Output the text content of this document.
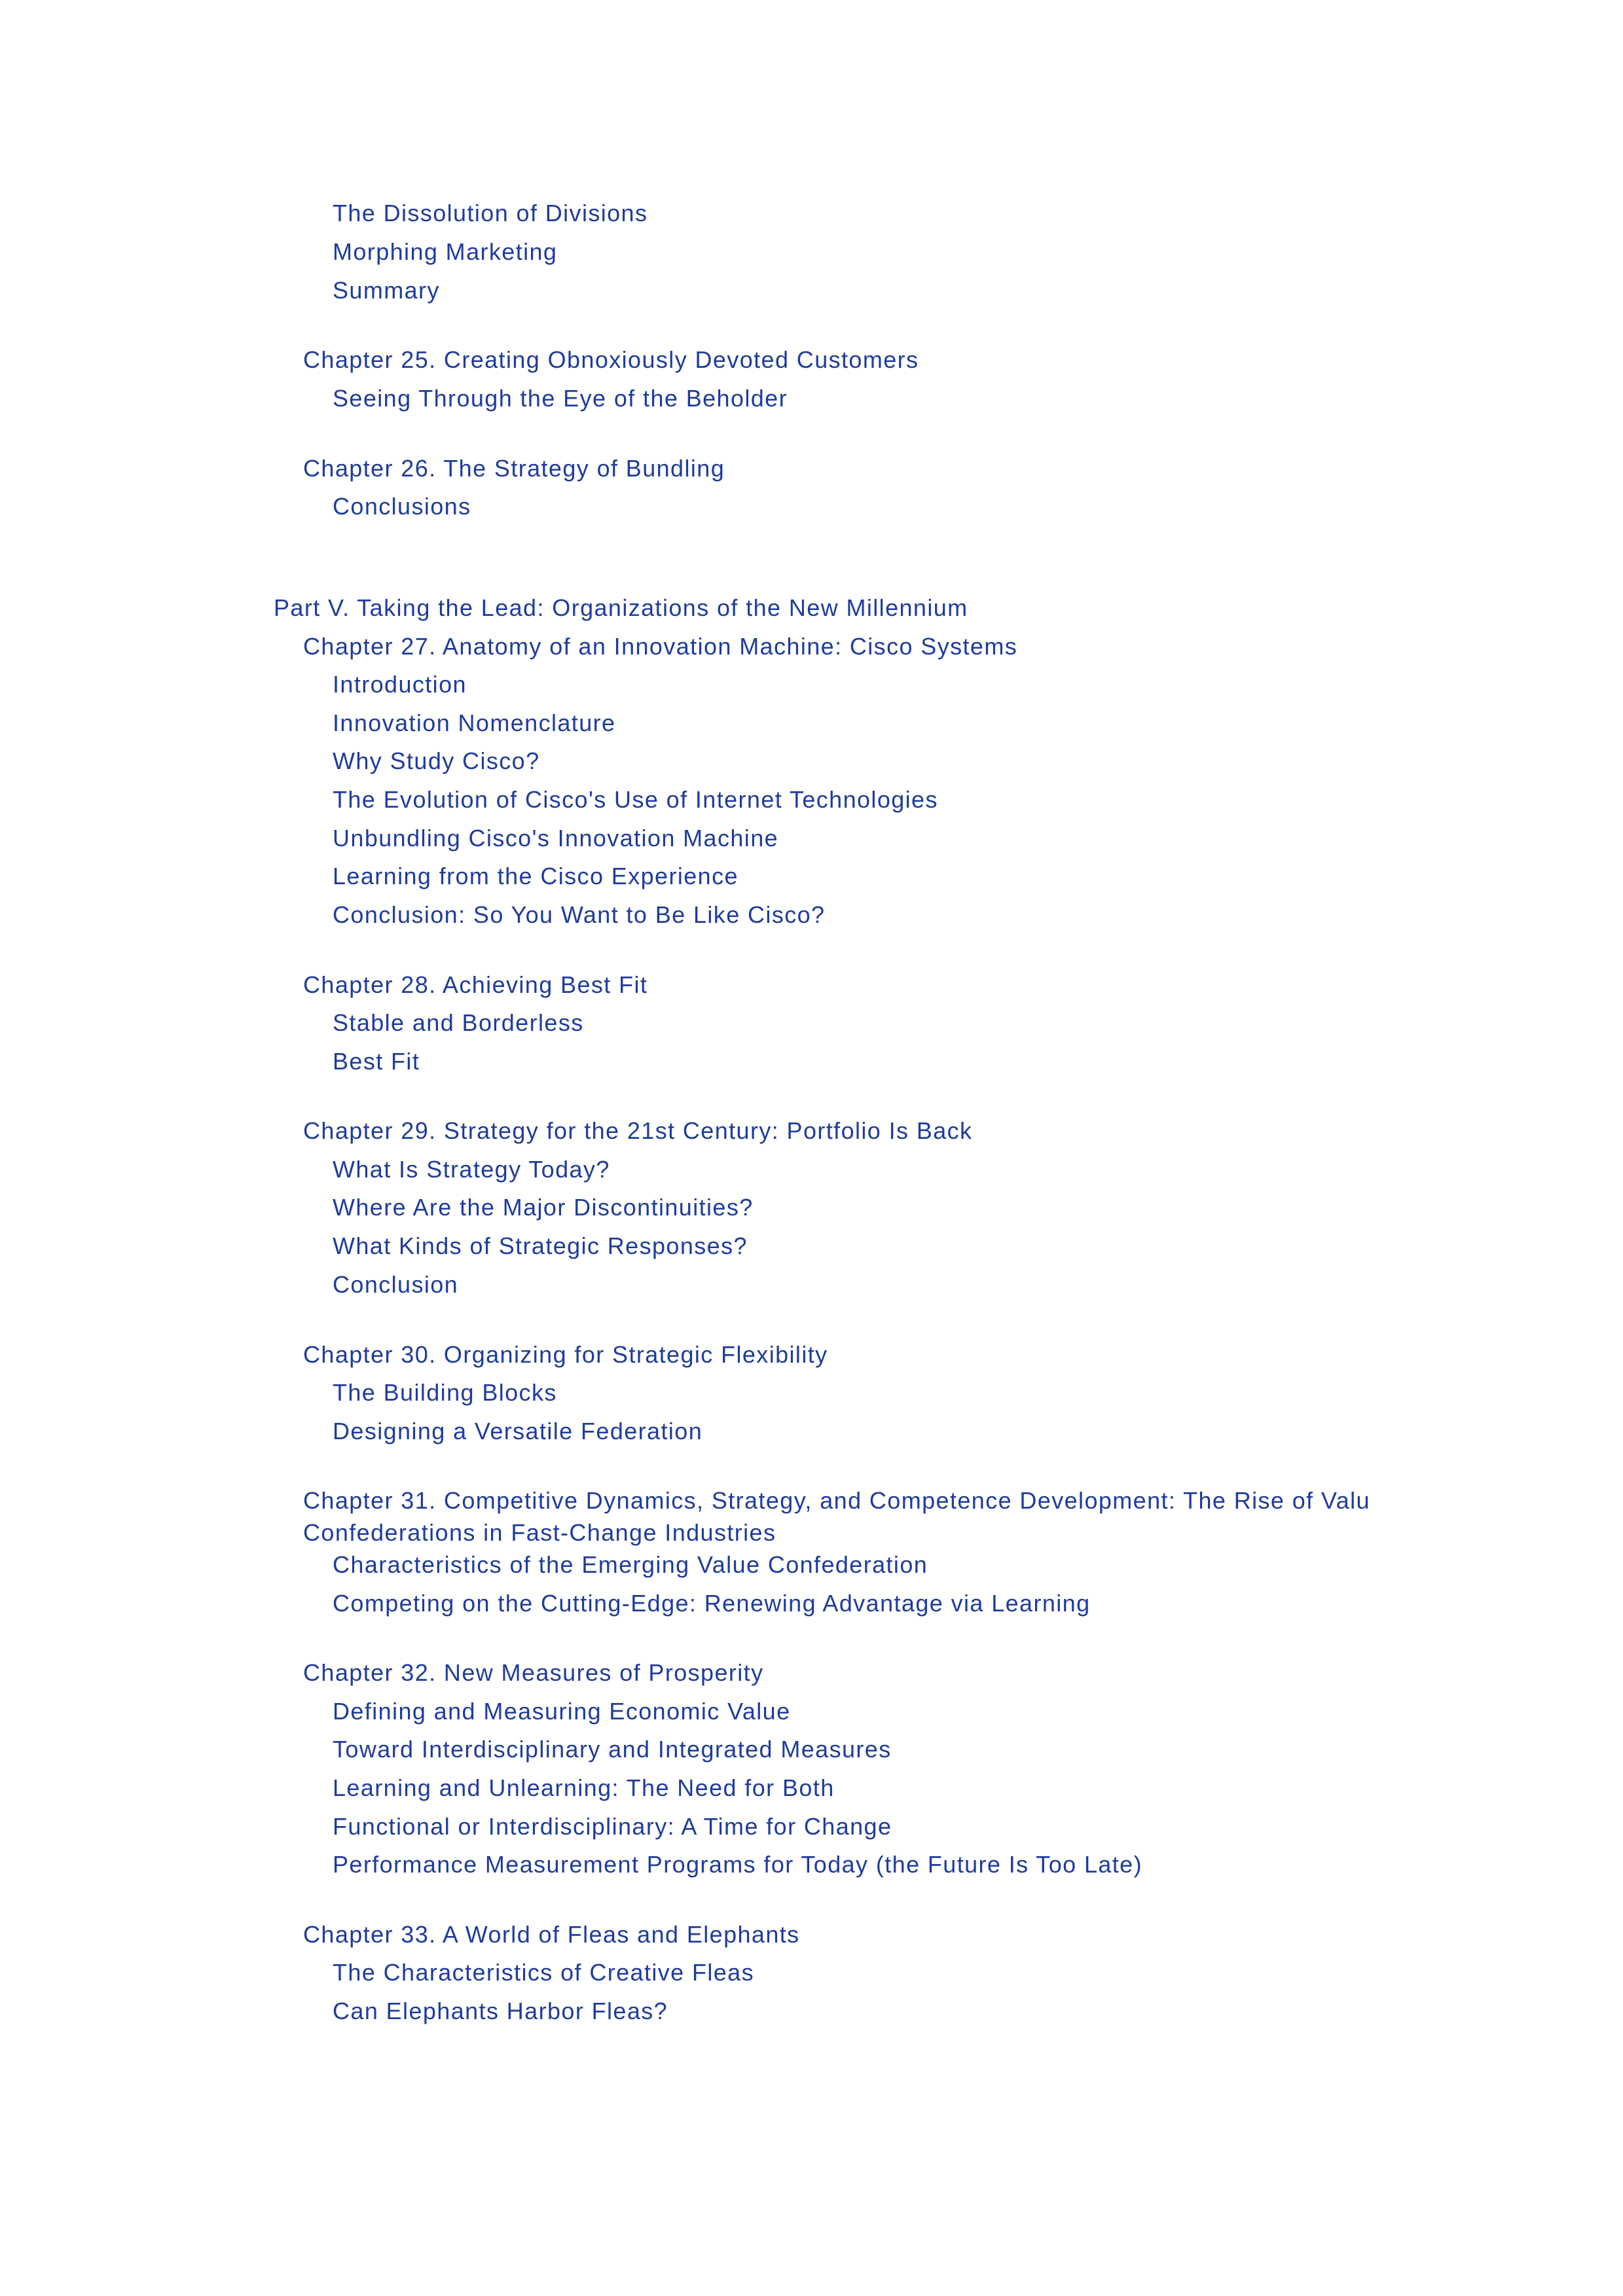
The Dissolution of Divisions
Morphing Marketing
Summary
Chapter 25. Creating Obnoxiously Devoted Customers
Seeing Through the Eye of the Beholder
Chapter 26. The Strategy of Bundling
Conclusions
Part V. Taking the Lead: Organizations of the New Millennium
Chapter 27. Anatomy of an Innovation Machine: Cisco Systems
Introduction
Innovation Nomenclature
Why Study Cisco?
The Evolution of Cisco's Use of Internet Technologies
Unbundling Cisco's Innovation Machine
Learning from the Cisco Experience
Conclusion: So You Want to Be Like Cisco?
Chapter 28. Achieving Best Fit
Stable and Borderless
Best Fit
Chapter 29. Strategy for the 21st Century: Portfolio Is Back
What Is Strategy Today?
Where Are the Major Discontinuities?
What Kinds of Strategic Responses?
Conclusion
Chapter 30. Organizing for Strategic Flexibility
The Building Blocks
Designing a Versatile Federation
Chapter 31. Competitive Dynamics, Strategy, and Competence Development: The Rise of Valu
Confederations in Fast-Change Industries
Characteristics of the Emerging Value Confederation
Competing on the Cutting-Edge: Renewing Advantage via Learning
Chapter 32. New Measures of Prosperity
Defining and Measuring Economic Value
Toward Interdisciplinary and Integrated Measures
Learning and Unlearning: The Need for Both
Functional or Interdisciplinary: A Time for Change
Performance Measurement Programs for Today (the Future Is Too Late)
Chapter 33. A World of Fleas and Elephants
The Characteristics of Creative Fleas
Can Elephants Harbor Fleas?
